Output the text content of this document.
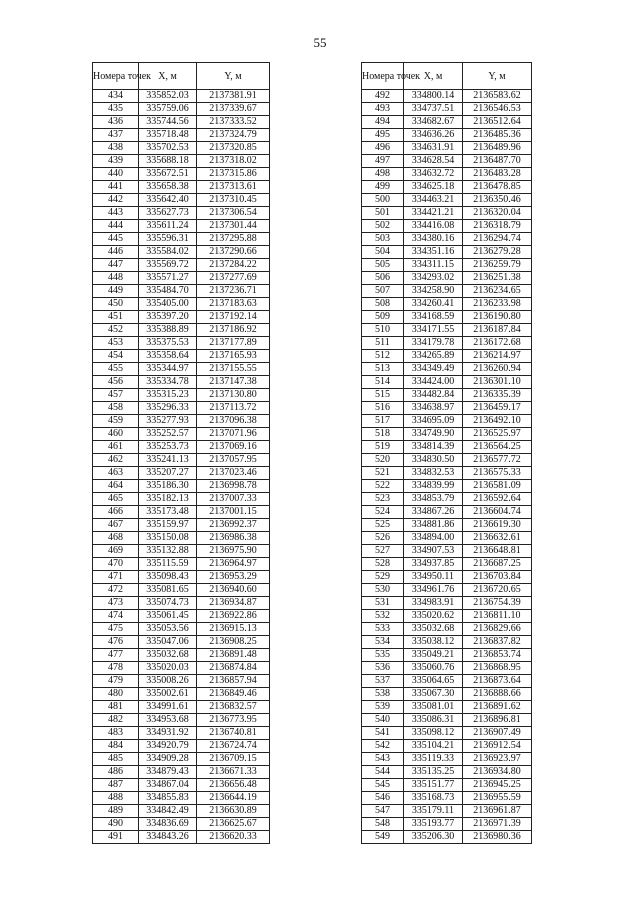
55
Номера точек	X, м	Y, м
434	335852.03	2137381.91
435	335759.06	2137339.67
436	335744.56	2137333.52
437	335718.48	2137324.79
438	335702.53	2137320.85
439	335688.18	2137318.02
440	335672.51	2137315.86
441	335658.38	2137313.61
442	335642.40	2137310.45
443	335627.73	2137306.54
444	335611.24	2137301.44
445	335596.31	2137295.88
446	335584.02	2137290.66
447	335569.72	2137284.22
448	335571.27	2137277.69
449	335484.70	2137236.71
450	335405.00	2137183.63
451	335397.20	2137192.14
452	335388.89	2137186.92
453	335375.53	2137177.89
454	335358.64	2137165.93
455	335344.97	2137155.55
456	335334.78	2137147.38
457	335315.23	2137130.80
458	335296.33	2137113.72
459	335277.93	2137096.38
460	335252.57	2137071.96
461	335253.73	2137069.16
462	335241.13	2137057.95
463	335207.27	2137023.46
464	335186.30	2136998.78
465	335182.13	2137007.33
466	335173.48	2137001.15
467	335159.97	2136992.37
468	335150.08	2136986.38
469	335132.88	2136975.90
470	335115.59	2136964.97
471	335098.43	2136953.29
472	335081.65	2136940.60
473	335074.73	2136934.87
474	335061.45	2136922.86
475	335053.56	2136915.13
476	335047.06	2136908.25
477	335032.68	2136891.48
478	335020.03	2136874.84
479	335008.26	2136857.94
480	335002.61	2136849.46
481	334991.61	2136832.57
482	334953.68	2136773.95
483	334931.92	2136740.81
484	334920.79	2136724.74
485	334909.28	2136709.15
486	334879.43	2136671.33
487	334867.04	2136656.48
488	334855.83	2136644.19
489	334842.49	2136630.89
490	334836.69	2136625.67
491	334843.26	2136620.33
Номера точек	X, м	Y, м
492	334800.14	2136583.62
493	334737.51	2136546.53
494	334682.67	2136512.64
495	334636.26	2136485.36
496	334631.91	2136489.96
497	334628.54	2136487.70
498	334632.72	2136483.28
499	334625.18	2136478.85
500	334463.21	2136350.46
501	334421.21	2136320.04
502	334416.08	2136318.79
503	334380.16	2136294.74
504	334351.16	2136279.28
505	334311.15	2136259.79
506	334293.02	2136251.38
507	334258.90	2136234.65
508	334260.41	2136233.98
509	334168.59	2136190.80
510	334171.55	2136187.84
511	334179.78	2136172.68
512	334265.89	2136214.97
513	334349.49	2136260.94
514	334424.00	2136301.10
515	334482.84	2136335.39
516	334638.97	2136459.17
517	334695.09	2136492.10
518	334749.90	2136525.97
519	334814.39	2136564.25
520	334830.50	2136577.72
521	334832.53	2136575.33
522	334839.99	2136581.09
523	334853.79	2136592.64
524	334867.26	2136604.74
525	334881.86	2136619.30
526	334894.00	2136632.61
527	334907.53	2136648.81
528	334937.85	2136687.25
529	334950.11	2136703.84
530	334961.76	2136720.65
531	334983.91	2136754.39
532	335020.62	2136811.10
533	335032.68	2136829.66
534	335038.12	2136837.82
535	335049.21	2136853.74
536	335060.76	2136868.95
537	335064.65	2136873.64
538	335067.30	2136888.66
539	335081.01	2136891.62
540	335086.31	2136896.81
541	335098.12	2136907.49
542	335104.21	2136912.54
543	335119.33	2136923.97
544	335135.25	2136934.80
545	335151.77	2136945.25
546	335168.73	2136955.59
547	335179.11	2136961.87
548	335193.77	2136971.39
549	335206.30	2136980.36
